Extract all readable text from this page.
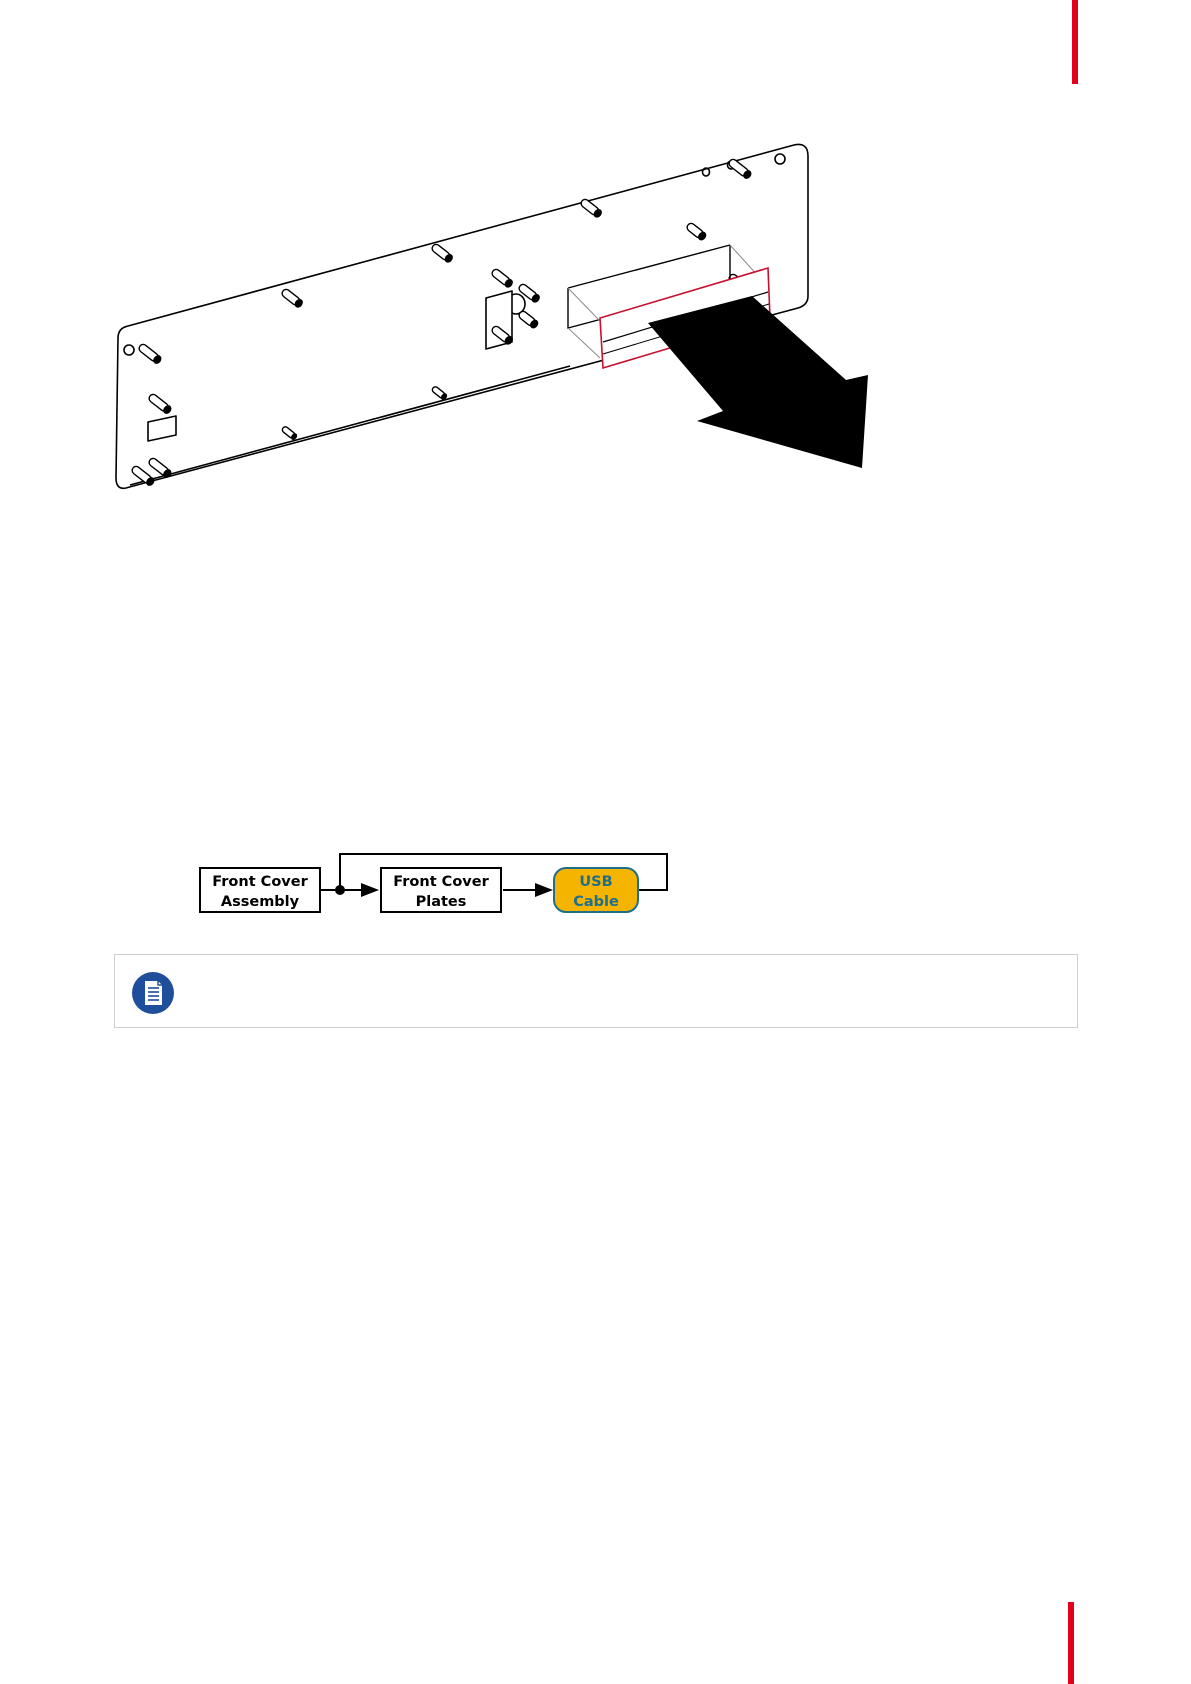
Front Cover
Assembly
Front Cover
Plates
USB
Cable
